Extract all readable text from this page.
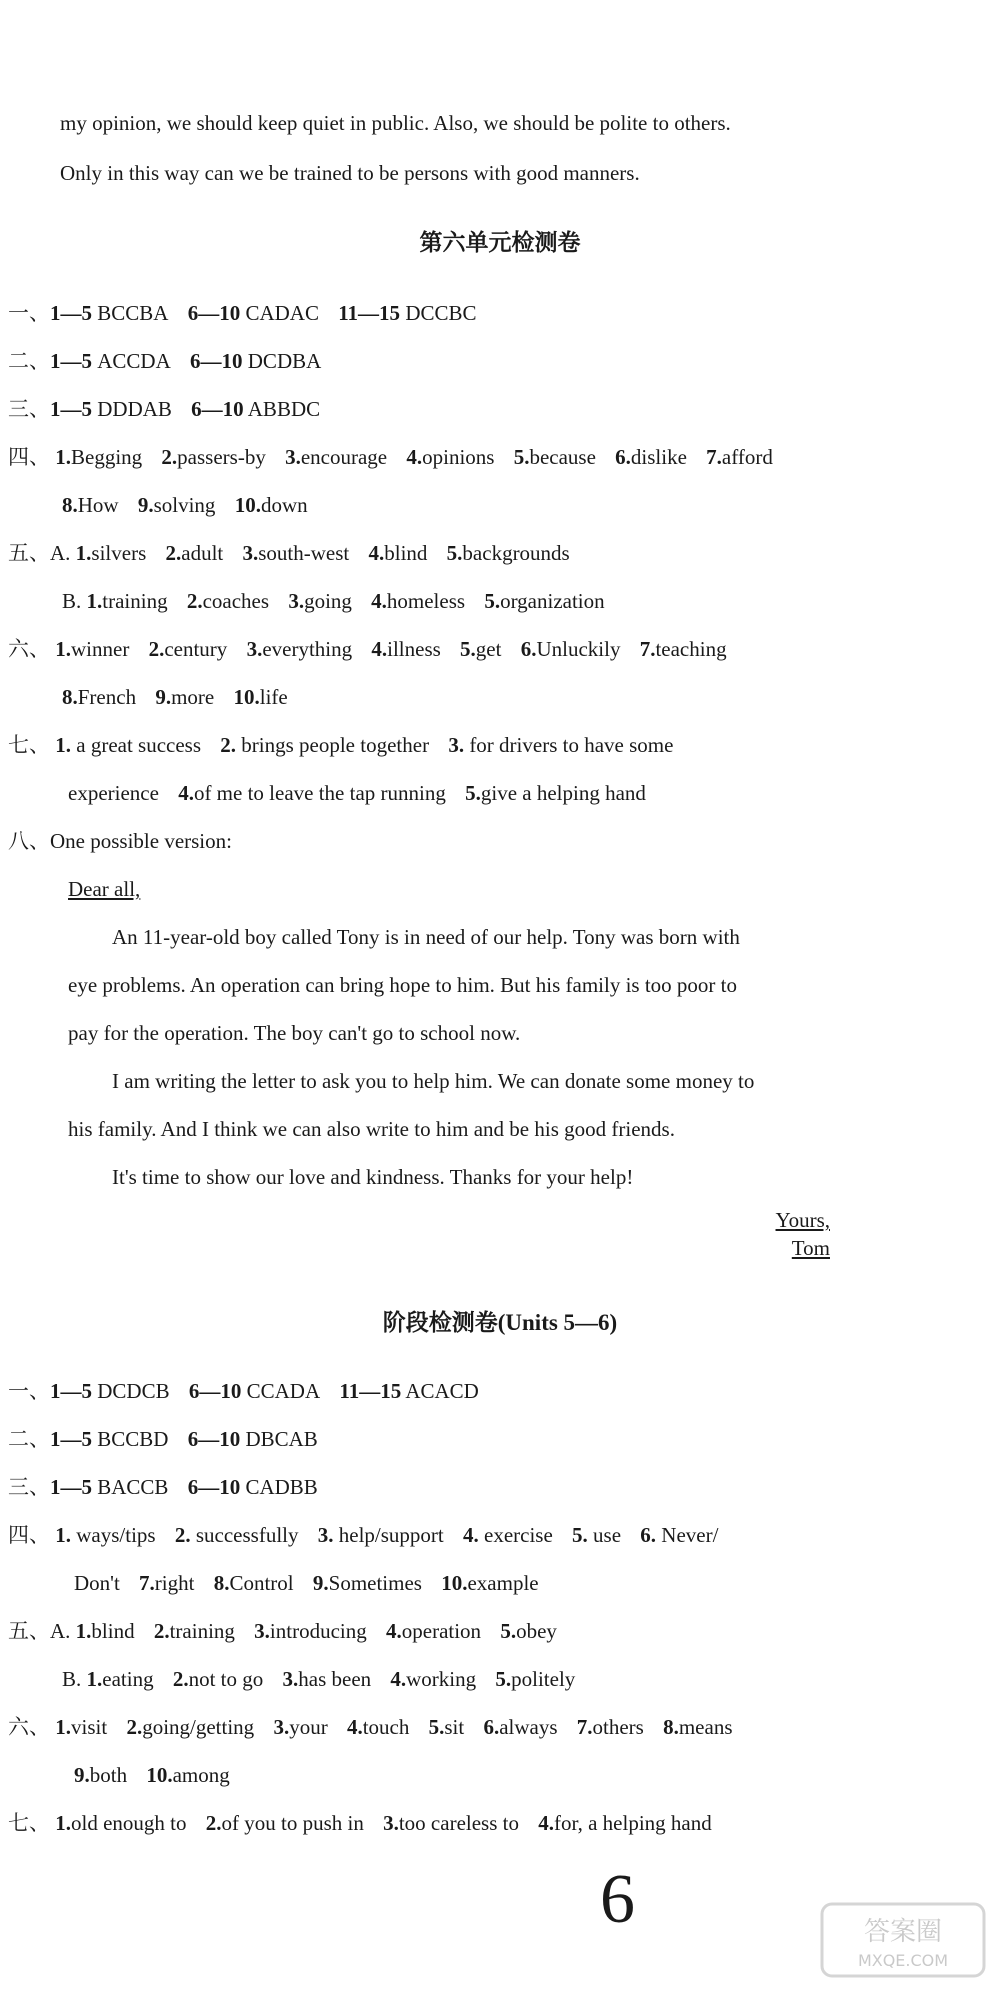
my opinion, we should keep quiet in public. Also, we should be polite to others.
Only in this way can we be trained to be persons with good manners.
第六单元检测卷
一、1—5 BCCBA 6—10 CADAC 11—15 DCCBC
二、1—5 ACCDA 6—10 DCDBA
三、1—5 DDDAB 6—10 ABBDC
四、 1.Begging 2.passers-by 3.encourage 4.opinions 5.because 6.dislike 7.afford
8.How 9.solving 10.down
五、A. 1.silvers 2.adult 3.south-west 4.blind 5.backgrounds
B. 1.training 2.coaches 3.going 4.homeless 5.organization
六、 1.winner 2.century 3.everything 4.illness 5.get 6.Unluckily 7.teaching
8.French 9.more 10.life
七、 1. a great success 2. brings people together 3. for drivers to have some
experience 4.of me to leave the tap running 5.give a helping hand
八、One possible version:
Dear all,
An 11-year-old boy called Tony is in need of our help. Tony was born with
eye problems. An operation can bring hope to him. But his family is too poor to
pay for the operation. The boy can't go to school now.
I am writing the letter to ask you to help him. We can donate some money to
his family. And I think we can also write to him and be his good friends.
It's time to show our love and kindness. Thanks for your help!
Yours,
Tom
阶段检测卷(Units 5—6)
一、1—5 DCDCB 6—10 CCADA 11—15 ACACD
二、1—5 BCCBD 6—10 DBCAB
三、1—5 BACCB 6—10 CADBB
四、 1. ways/tips 2. successfully 3. help/support 4. exercise 5. use 6. Never/
Don't 7.right 8.Control 9.Sometimes 10.example
五、A. 1.blind 2.training 3.introducing 4.operation 5.obey
B. 1.eating 2.not to go 3.has been 4.working 5.politely
六、 1.visit 2.going/getting 3.your 4.touch 5.sit 6.always 7.others 8.means
9.both 10.among
七、 1.old enough to 2.of you to push in 3.too careless to 4.for, a helping hand
6	答案圈
MXQE.COM
